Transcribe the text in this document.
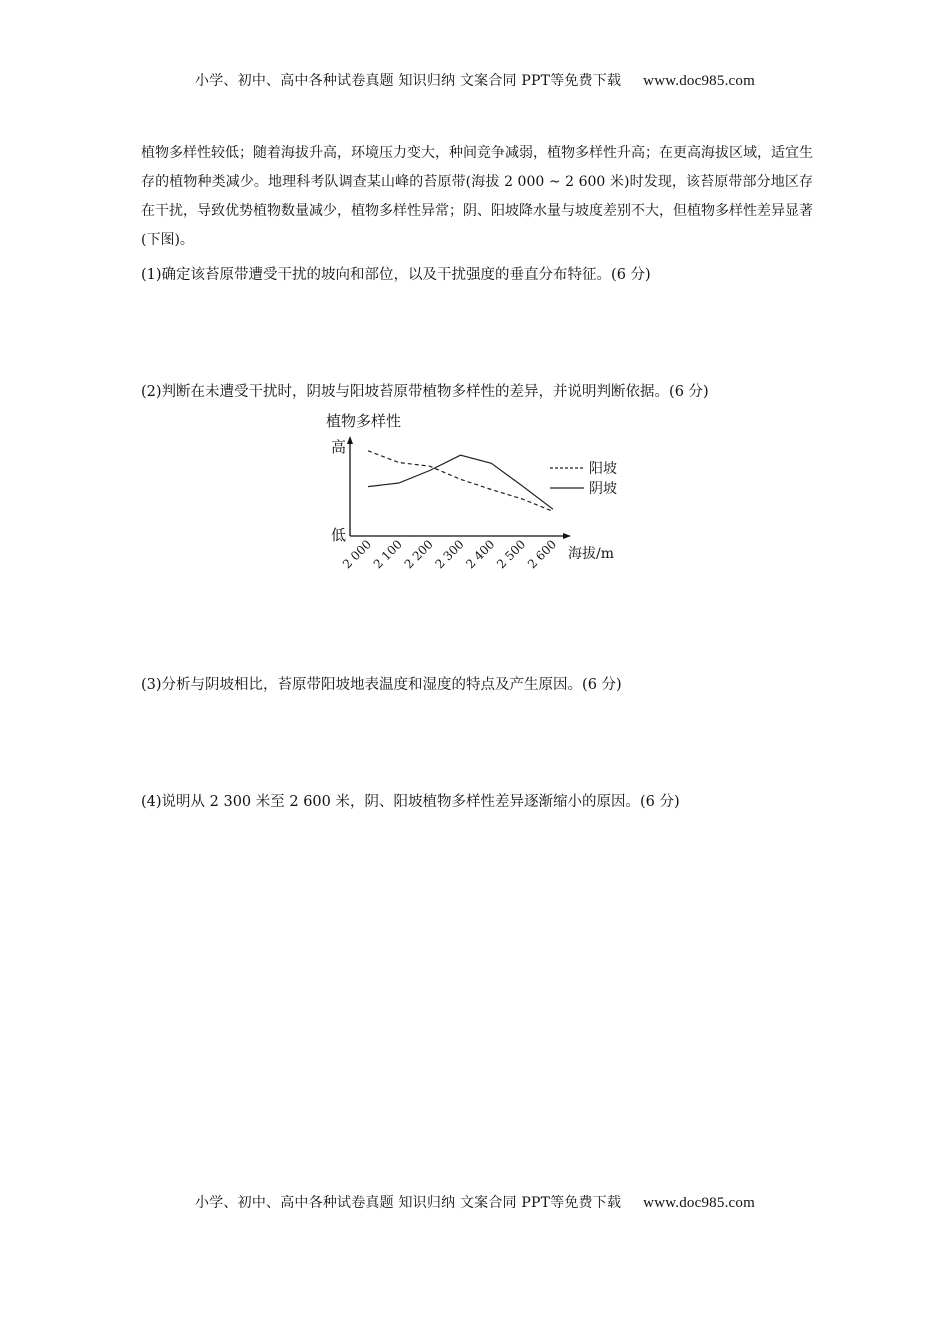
小学、初中、高中各种试卷真题 知识归纳 文案合同 PPT等免费下载 www.doc985.com

植物多样性较低；随着海拔升高，环境压力变大，种间竞争减弱，植物多样性升高；在更高海拔区域，适宜生存的植物种类减少。地理科考队调查某山峰的苔原带(海拔 2 000 ~ 2 600 米)时发现，该苔原带部分地区存在干扰，导致优势植物数量减少，植物多样性异常；阴、阳坡降水量与坡度差别不大，但植物多样性差异显著(下图)。

(1)确定该苔原带遭受干扰的坡向和部位，以及干扰强度的垂直分布特征。(6 分)
(2)判断在未遭受干扰时，阴坡与阳坡苔原带植物多样性的差异，并说明判断依据。(6 分)
植物多样性
高
低
2 000
2 100
2 200
2 300
2 400
2 500
2 600 海拔/m
阳坡
阴坡
(3)分析与阴坡相比，苔原带阳坡地表温度和湿度的特点及产生原因。(6 分)
(4)说明从 2 300 米至 2 600 米，阴、阳坡植物多样性差异逐渐缩小的原因。(6 分)
小学、初中、高中各种试卷真题 知识归纳 文案合同 PPT等免费下载 www.doc985.com
